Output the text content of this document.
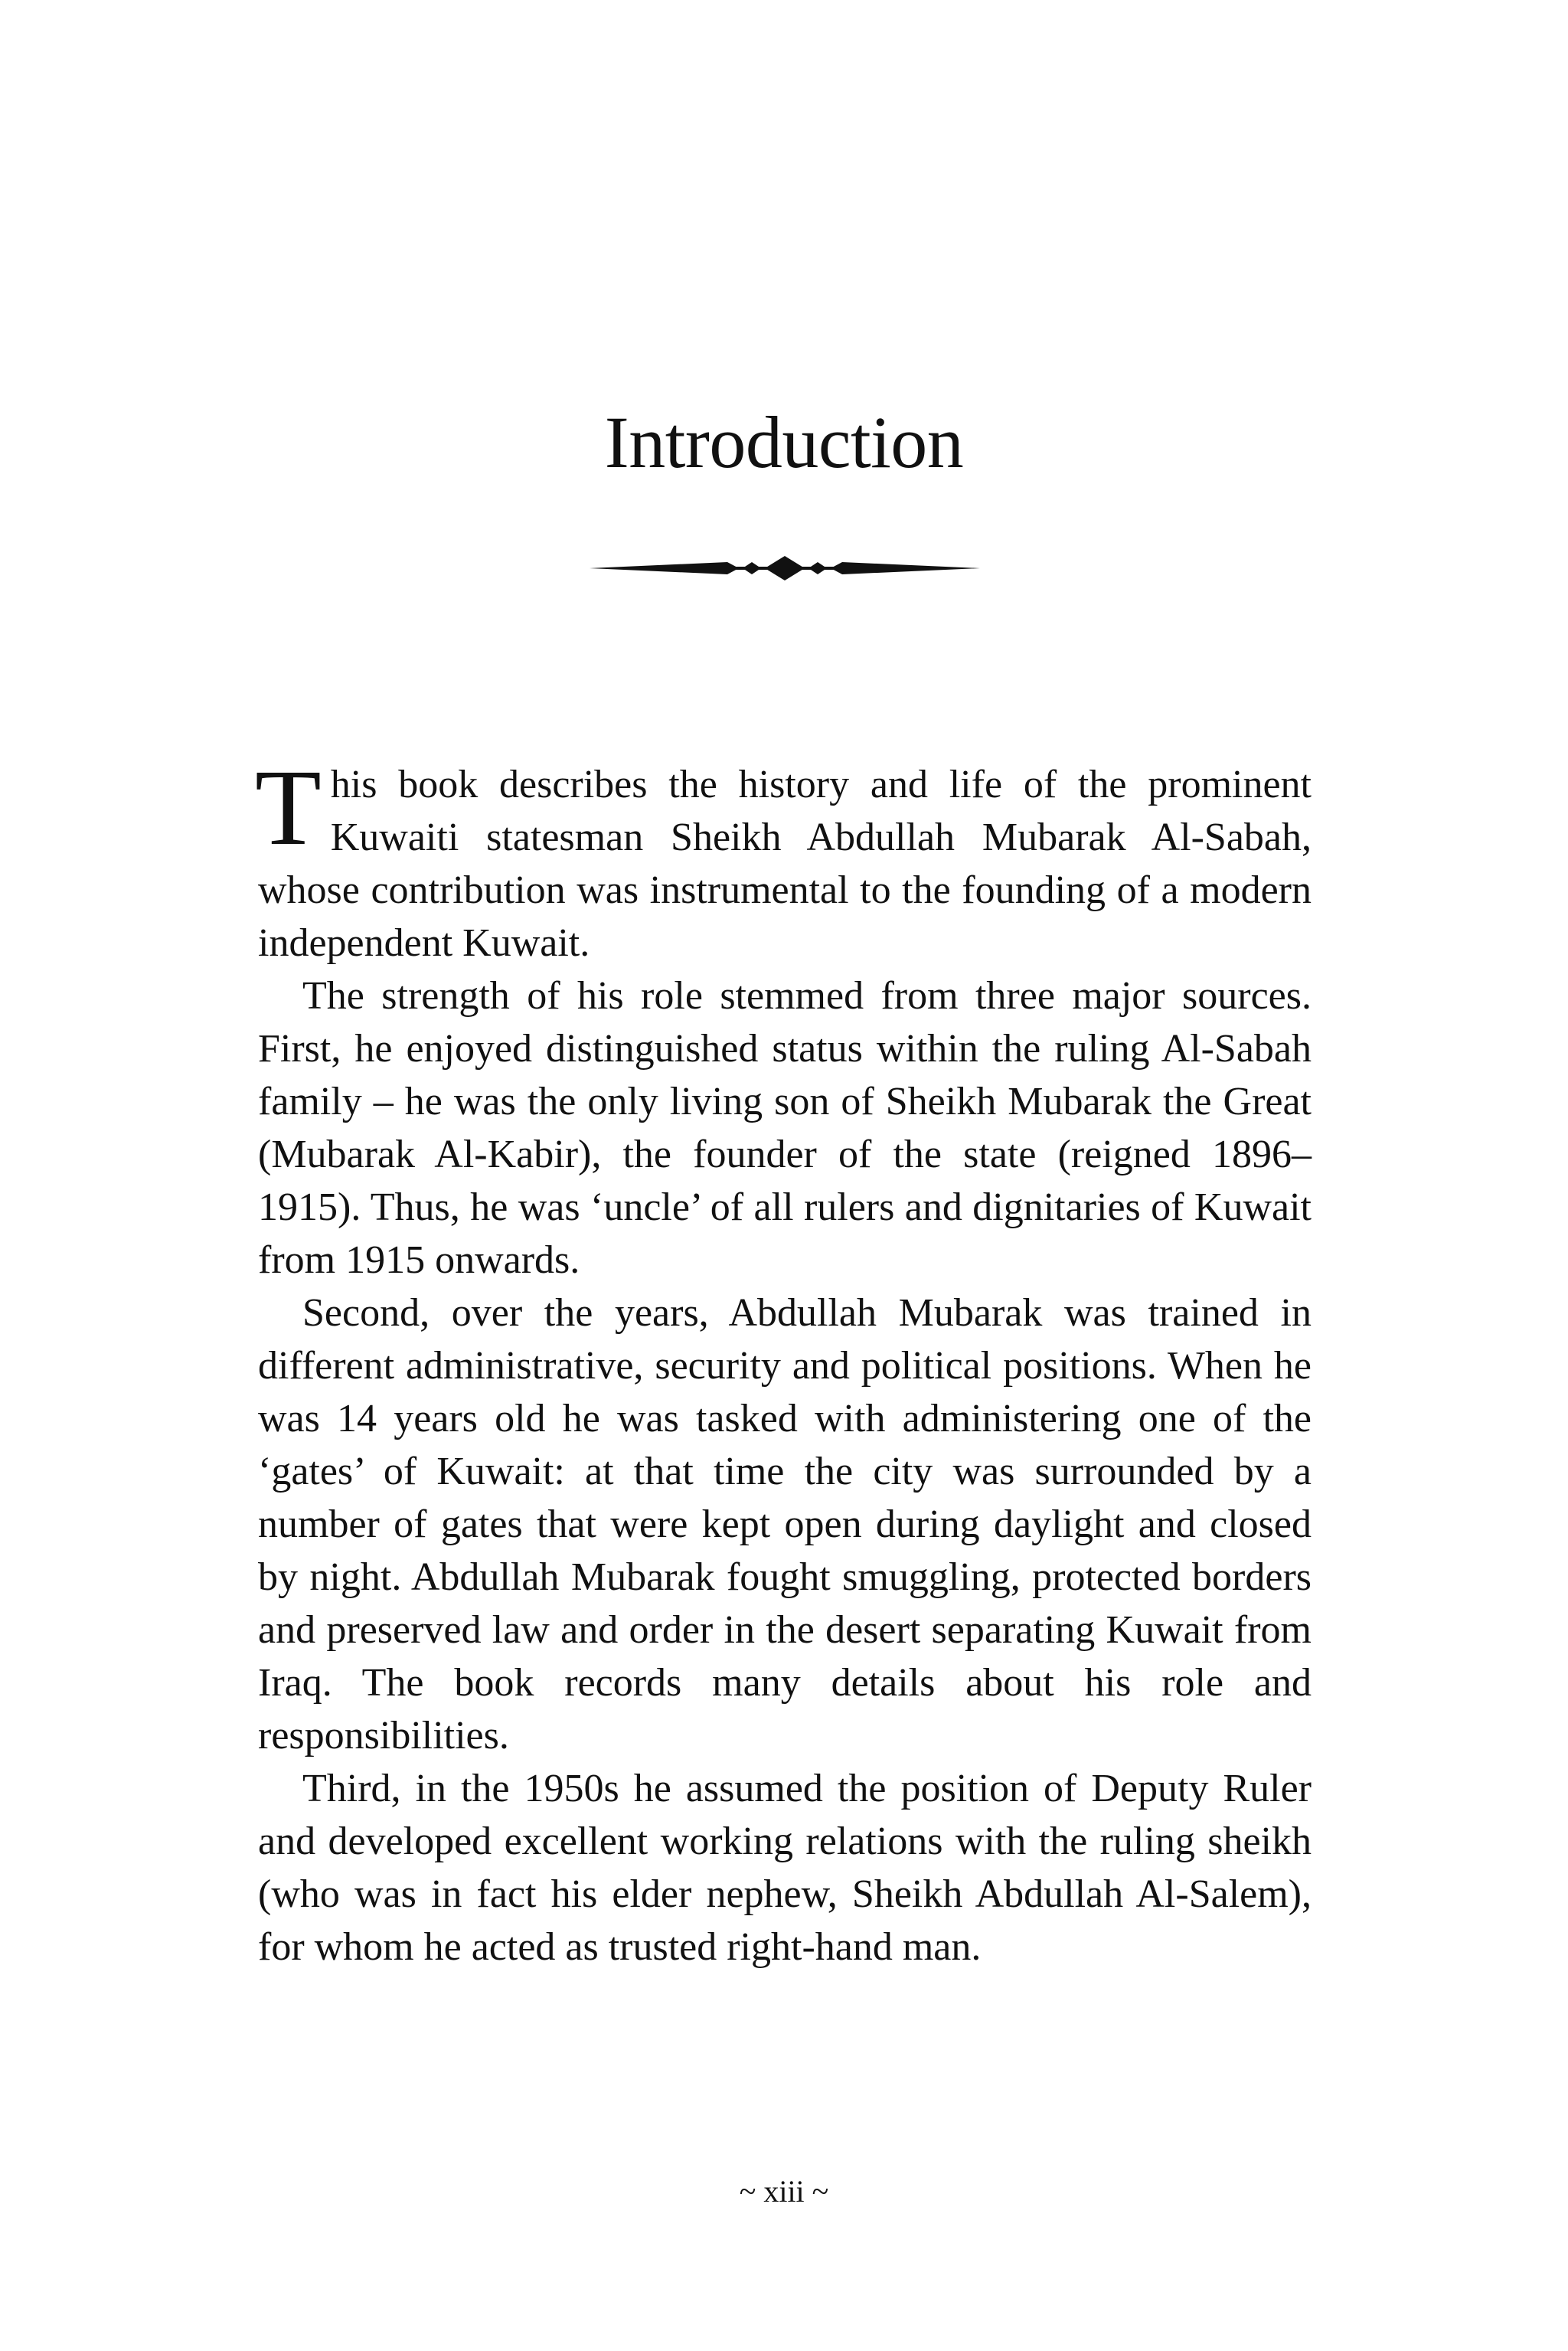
Introduction

This book describes the history and life of the prominent Kuwaiti statesman Sheikh Abdullah Mubarak Al-Sabah, whose contribution was instrumental to the founding of a modern independent Kuwait.

The strength of his role stemmed from three major sources. First, he enjoyed distinguished status within the ruling Al-Sabah family – he was the only living son of Sheikh Mubarak the Great (Mubarak Al-Kabir), the founder of the state (reigned 1896–1915). Thus, he was ‘uncle’ of all rulers and dignitaries of Kuwait from 1915 onwards.

Second, over the years, Abdullah Mubarak was trained in different administrative, security and political positions. When he was 14 years old he was tasked with administering one of the ‘gates’ of Kuwait: at that time the city was surrounded by a number of gates that were kept open during daylight and closed by night. Abdullah Mubarak fought smuggling, protected borders and preserved law and order in the desert separating Kuwait from Iraq. The book records many details about his role and responsibilities.

Third, in the 1950s he assumed the position of Deputy Ruler and developed excellent working relations with the ruling sheikh (who was in fact his elder nephew, Sheikh Abdullah Al-Salem), for whom he acted as trusted right-hand man.

~ xiii ~
